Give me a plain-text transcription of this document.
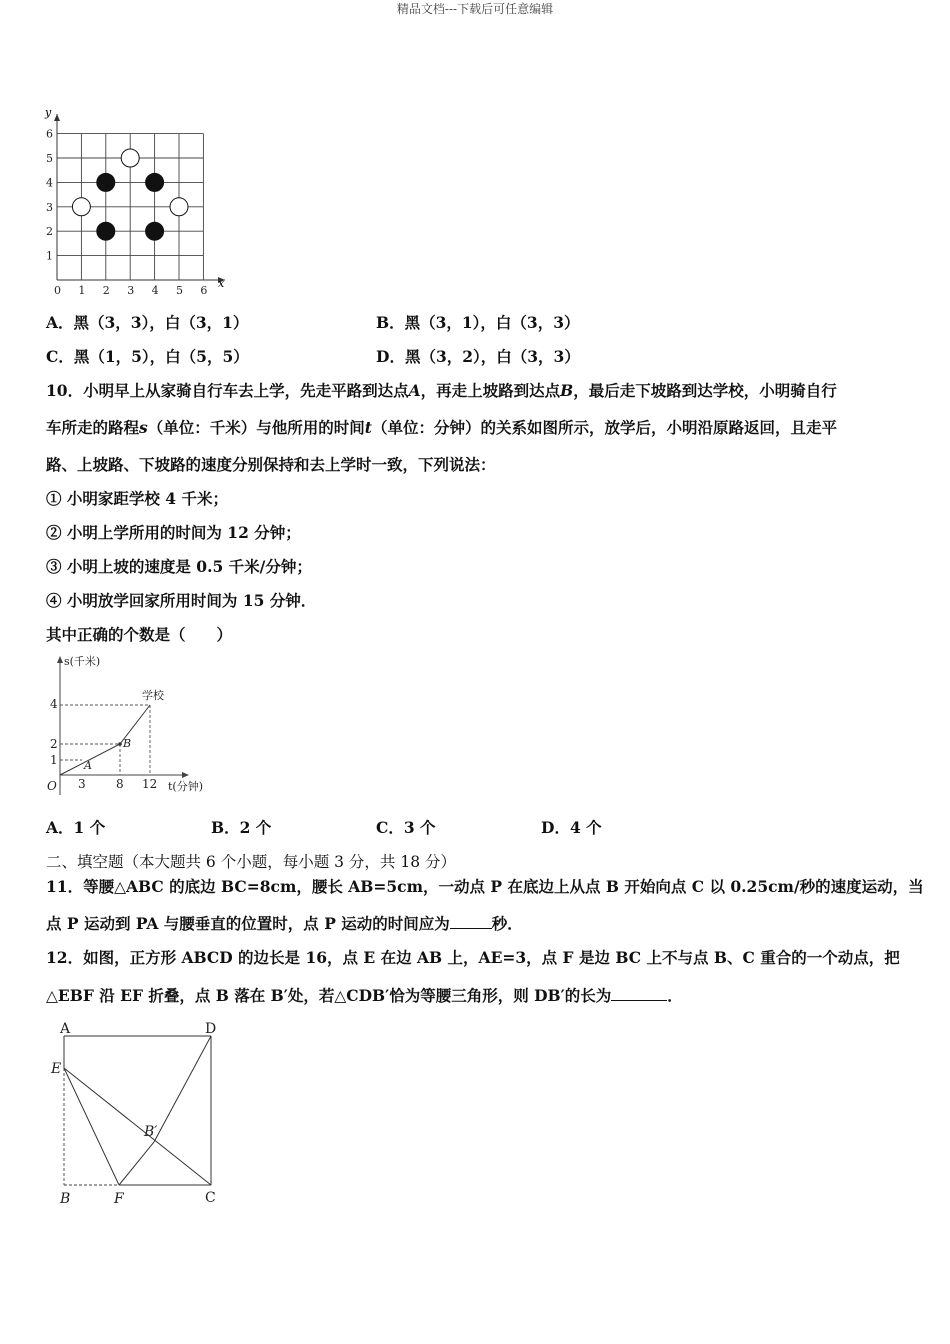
精品文档---下载后可任意编辑
0 1 2 3 4 5 6
1
2
3
4
5
6
x
y
A．黑（3，3），白（3，1）	B．黑（3，1），白（3，3）
C．黑（1，5），白（5，5）	D．黑（3，2），白（3，3）
10．小明早上从家骑自行车去上学，先走平路到达点A，再走上坡路到达点B，最后走下坡路到达学校，小明骑自行
车所走的路程s（单位：千米）与他所用的时间t（单位：分钟）的关系如图所示，放学后，小明沿原路返回，且走平
路、上坡路、下坡路的速度分别保持和去上学时一致，下列说法：
① 小明家距学校 4 千米；
② 小明上学所用的时间为 12 分钟；
③ 小明上坡的速度是 0.5 千米/分钟；
④ 小明放学回家所用时间为 15 分钟．
其中正确的个数是（　　）
O 3	8 12
4
2
1 A
B
学校
s(千米)
t(分钟)
A．1 个	B．2 个	C．3 个	D．4 个
二、填空题（本大题共 6 个小题，每小题 3 分，共 18 分）
11．等腰△ABC 的底边 BC=8cm，腰长 AB=5cm，一动点 P 在底边上从点 B 开始向点 C 以 0.25cm/秒的速度运动，当
点 P 运动到 PA 与腰垂直的位置时，点 P 运动的时间应为	秒．
12．如图，正方形 ABCD 的边长是 16，点 E 在边 AB 上，AE=3，点 F 是边 BC 上不与点 B、C 重合的一个动点，把
△EBF 沿 EF 折叠，点 B 落在 B′处，若△CDB′恰为等腰三角形，则 DB′的长为	．
A	D
E
B′
B	F	C
